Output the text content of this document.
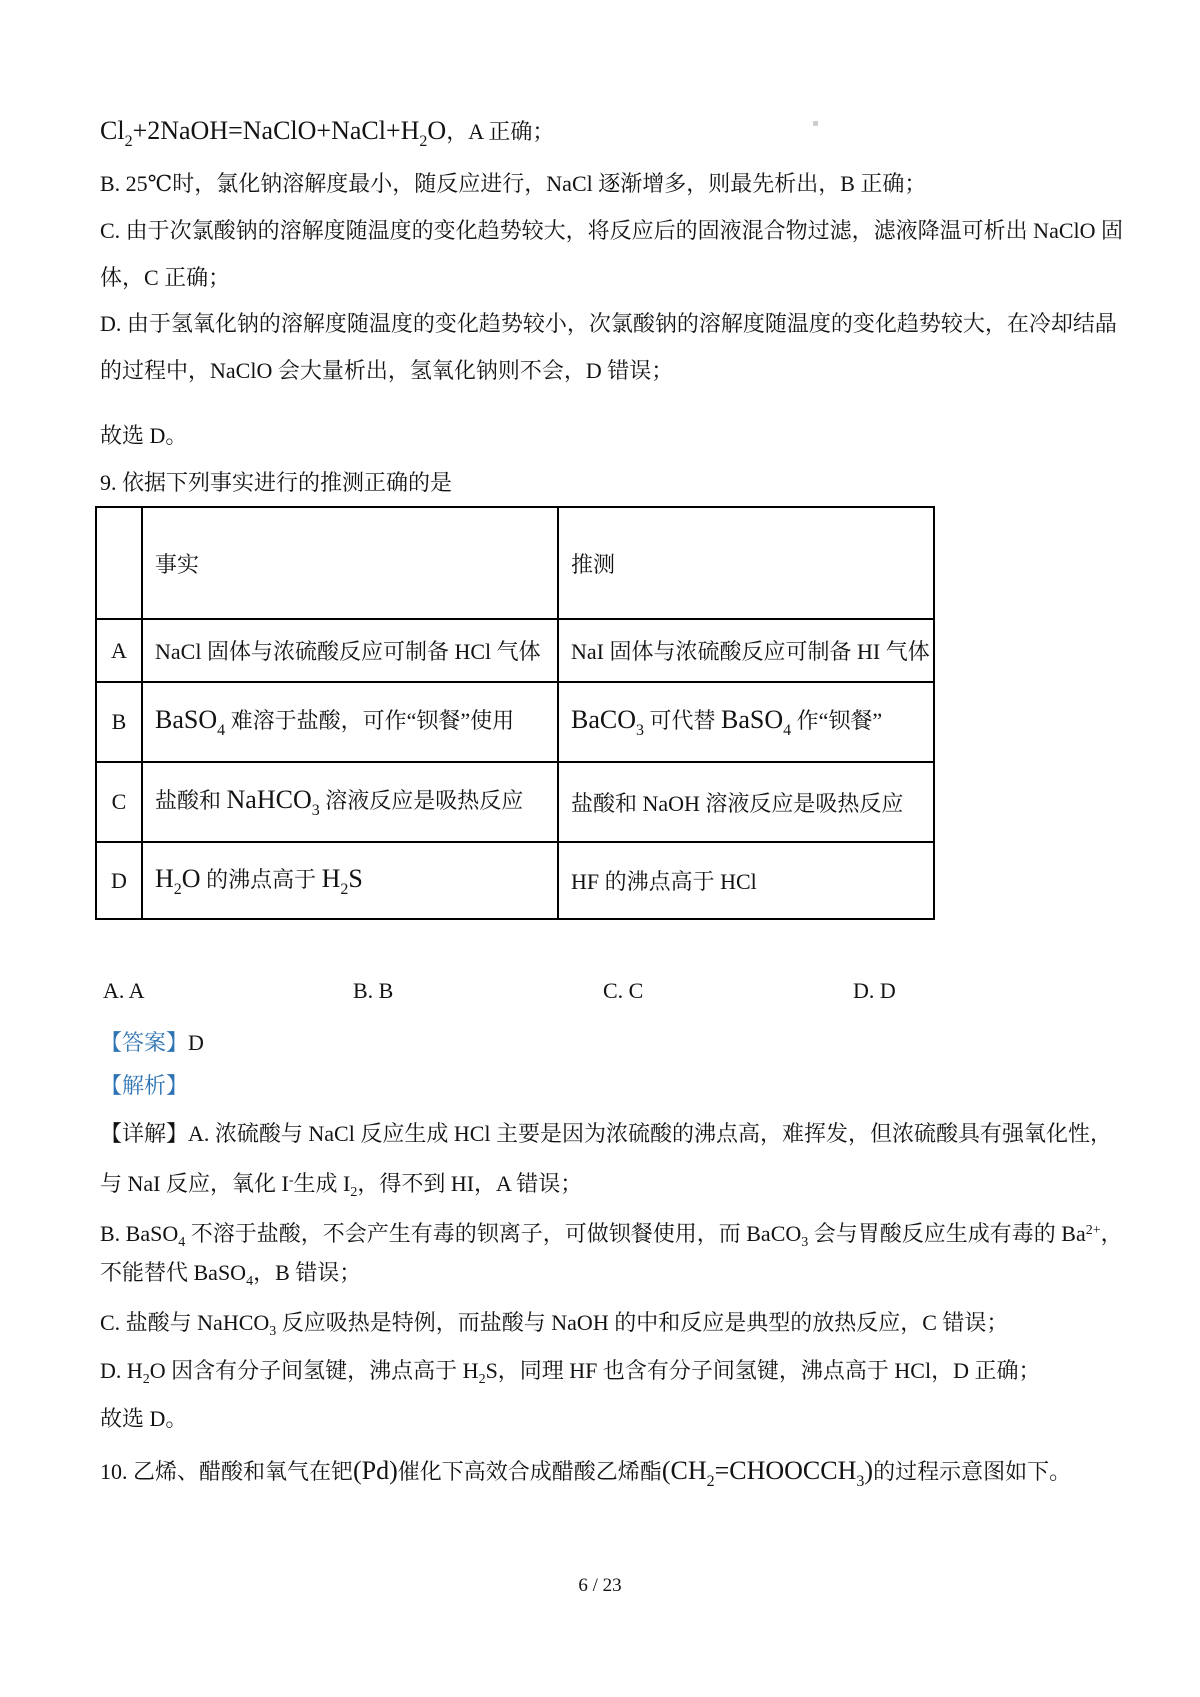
$Cl_2+2NaOH=NaClO+NaCl+H_2O$，A 正确；
B. 25℃时，氯化钠溶解度最小，随反应进行，NaCl 逐渐增多，则最先析出，B 正确；
C. 由于次氯酸钠的溶解度随温度的变化趋势较大，将反应后的固液混合物过滤，滤液降温可析出 NaClO 固
体，C 正确；
D. 由于氢氧化钠的溶解度随温度的变化趋势较小，次氯酸钠的溶解度随温度的变化趋势较大，在冷却结晶
的过程中，NaClO 会大量析出，氢氧化钠则不会，D 错误；
故选 D。
9. 依据下列事实进行的推测正确的是
	事实	推测
A	NaCl 固体与浓硫酸反应可制备 HCl 气体	NaI 固体与浓硫酸反应可制备 HI 气体
B	BaSO$_4$ 难溶于盐酸，可作“钡餐”使用	BaCO$_3$ 可代替 BaSO$_4$ 作“钡餐”
C	盐酸和 NaHCO$_3$ 溶液反应是吸热反应	盐酸和 NaOH 溶液反应是吸热反应
D	$H_2O$ 的沸点高于 $H_2S$	HF 的沸点高于 HCl
A. A	B. B	C. C	D. D
【答案】D
【解析】
【详解】A. 浓硫酸与 NaCl 反应生成 HCl 主要是因为浓硫酸的沸点高，难挥发，但浓硫酸具有强氧化性，
与 NaI 反应，氧化 I-生成 $I_2$，得不到 HI，A 错误；
B. BaSO$_4$ 不溶于盐酸，不会产生有毒的钡离子，可做钡餐使用，而 BaCO$_3$ 会与胃酸反应生成有毒的 $Ba^{2+}$，
不能替代 BaSO$_4$，B 错误；
C. 盐酸与 NaHCO$_3$ 反应吸热是特例，而盐酸与 NaOH 的中和反应是典型的放热反应，C 错误；
D. $H_2O$ 因含有分子间氢键，沸点高于 $H_2S$，同理 HF 也含有分子间氢键，沸点高于 HCl，D 正确；
故选 D。
10. 乙烯、醋酸和氧气在钯(Pd)催化下高效合成醋酸乙烯酯$(CH_2=CHOOCCH_3)$的过程示意图如下。
6 / 23
